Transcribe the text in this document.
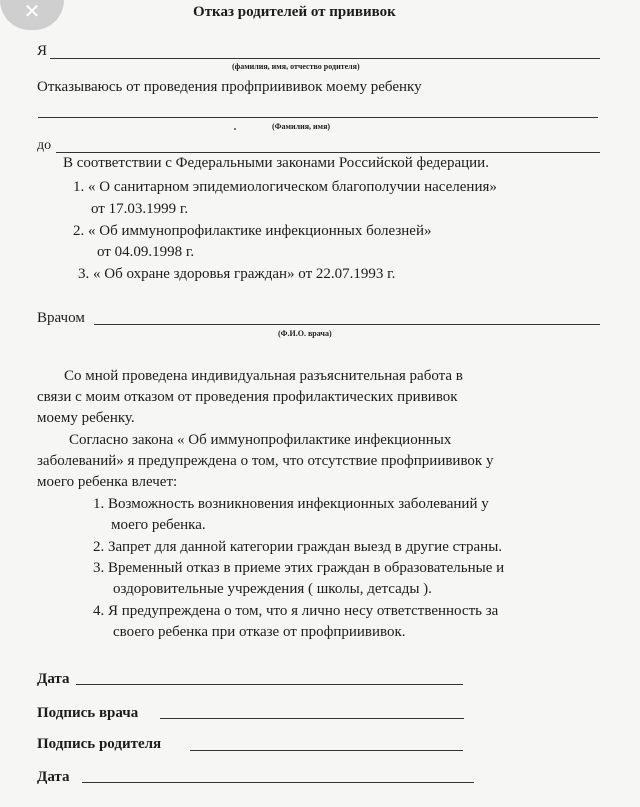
✕	Отказ родителей от прививок
Я
(фамилия, имя, отчество родителя)
Отказываюсь от проведения профприививок моему ребенку
(Фамилия, имя)
до
В соответствии с Федеральными законами Российской федерации.
1. « О санитарном эпидемиологическом благополучии населения»
от 17.03.1999 г.
2. « Об иммунопрофилактике инфекционных болезней»
от 04.09.1998 г.
3. « Об охране здоровья граждан» от 22.07.1993 г.
Врачом
(Ф.И.О. врача)
Со мной проведена индивидуальная разъяснительная работа в
связи с моим отказом от проведения профилактических прививок
моему ребенку.
Согласно закона « Об иммунопрофилактике инфекционных
заболеваний» я предупреждена о том, что отсутствие профприививок у
моего ребенка влечет:
1. Возможность возникновения инфекционных заболеваний у
моего ребенка.
2. Запрет для данной категории граждан выезд в другие страны.
3. Временный отказ в приеме этих граждан в образовательные и
оздоровительные учреждения ( школы, детсады ).
4. Я предупреждена о том, что я лично несу ответственность за
своего ребенка при отказе от профприививок.
Дата
Подпись врача
Подпись родителя
Дата
